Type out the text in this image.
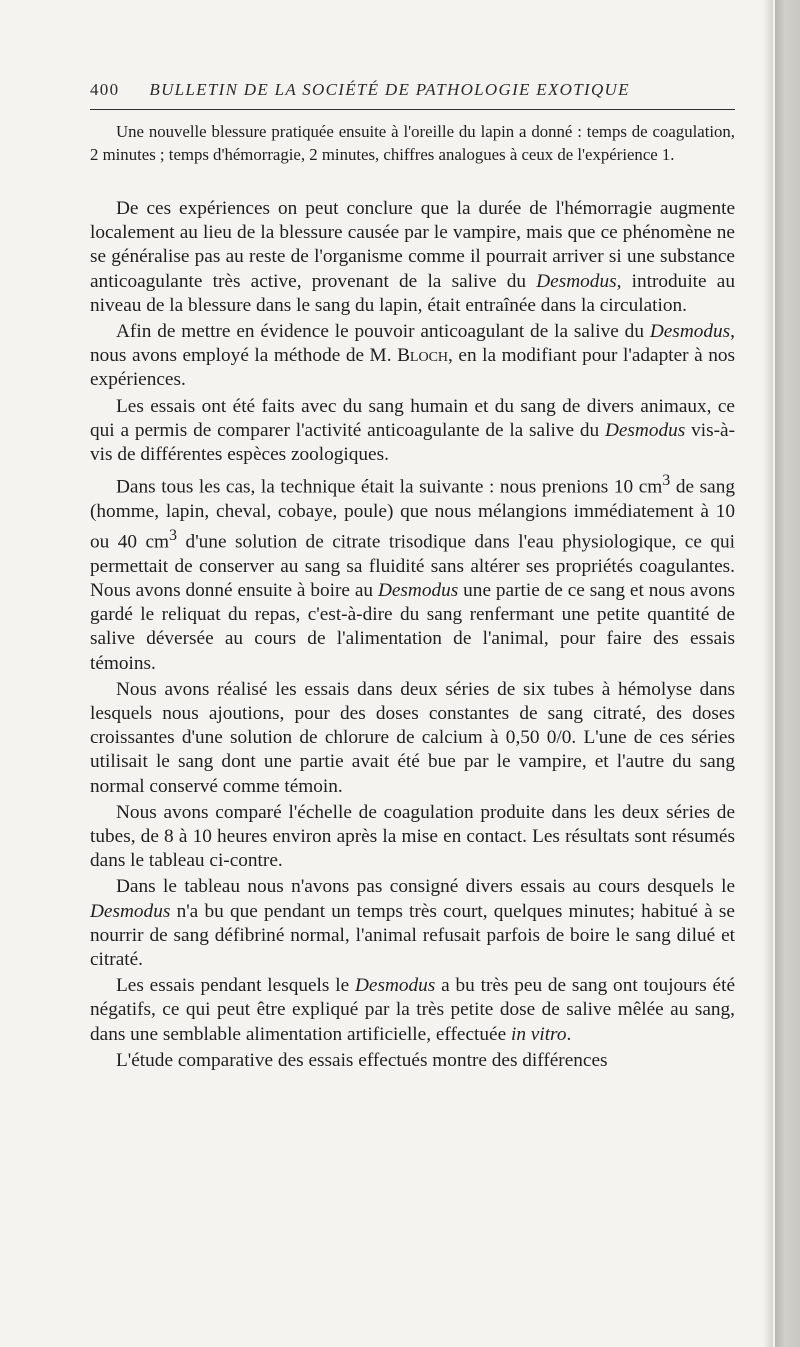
400 BULLETIN DE LA SOCIÉTÉ DE PATHOLOGIE EXOTIQUE

Une nouvelle blessure pratiquée ensuite à l'oreille du lapin a donné : temps de coagulation, 2 minutes ; temps d'hémorragie, 2 minutes, chiffres analogues à ceux de l'expérience 1.

De ces expériences on peut conclure que la durée de l'hémorragie augmente localement au lieu de la blessure causée par le vampire, mais que ce phénomène ne se généralise pas au reste de l'organisme comme il pourrait arriver si une substance anticoagulante très active, provenant de la salive du Desmodus, introduite au niveau de la blessure dans le sang du lapin, était entraînée dans la circulation.

Afin de mettre en évidence le pouvoir anticoagulant de la salive du Desmodus, nous avons employé la méthode de M. Bloch, en la modifiant pour l'adapter à nos expériences.

Les essais ont été faits avec du sang humain et du sang de divers animaux, ce qui a permis de comparer l'activité anticoagulante de la salive du Desmodus vis-à-vis de différentes espèces zoologiques.

Dans tous les cas, la technique était la suivante : nous prenions 10 $cm^3$ de sang (homme, lapin, cheval, cobaye, poule) que nous mélangions immédiatement à 10 ou 40 $cm^3$ d'une solution de citrate trisodique dans l'eau physiologique, ce qui permettait de conserver au sang sa fluidité sans altérer ses propriétés coagulantes. Nous avons donné ensuite à boire au Desmodus une partie de ce sang et nous avons gardé le reliquat du repas, c'est-à-dire du sang renfermant une petite quantité de salive déversée au cours de l'alimentation de l'animal, pour faire des essais témoins.

Nous avons réalisé les essais dans deux séries de six tubes à hémolyse dans lesquels nous ajoutions, pour des doses constantes de sang citraté, des doses croissantes d'une solution de chlorure de calcium à 0,50 0/0. L'une de ces séries utilisait le sang dont une partie avait été bue par le vampire, et l'autre du sang normal conservé comme témoin.

Nous avons comparé l'échelle de coagulation produite dans les deux séries de tubes, de 8 à 10 heures environ après la mise en contact. Les résultats sont résumés dans le tableau ci-contre.

Dans le tableau nous n'avons pas consigné divers essais au cours desquels le Desmodus n'a bu que pendant un temps très court, quelques minutes; habitué à se nourrir de sang défibriné normal, l'animal refusait parfois de boire le sang dilué et citraté.

Les essais pendant lesquels le Desmodus a bu très peu de sang ont toujours été négatifs, ce qui peut être expliqué par la très petite dose de salive mêlée au sang, dans une semblable alimentation artificielle, effectuée in vitro.

L'étude comparative des essais effectués montre des différences
